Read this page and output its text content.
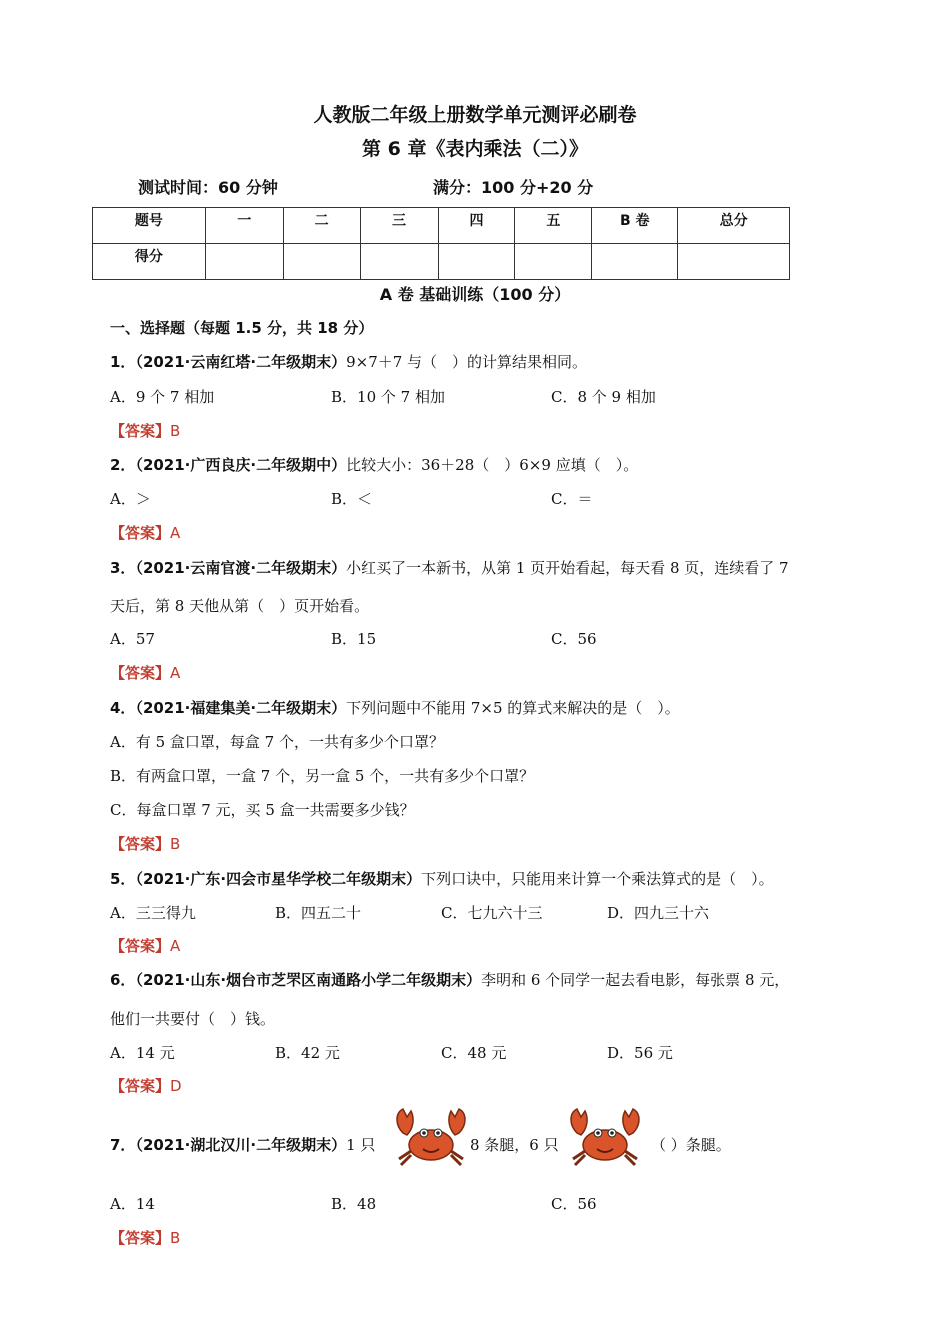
人教版二年级上册数学单元测评必刷卷
第 6 章《表内乘法（二）》
测试时间：60 分钟	满分：100 分+20 分
题号	一	二	三	四	五	B 卷	总分
得分							
A 卷 基础训练（100 分）
一、选择题（每题 1.5 分，共 18 分）
1．（2021·云南红塔·二年级期末）9×7＋7 与（　）的计算结果相同。
A．9 个 7 相加	B．10 个 7 相加	C．8 个 9 相加
【答案】B
2．（2021·广西良庆·二年级期中）比较大小：36＋28（　）6×9 应填（　）。
A．＞	B．＜	C．＝
【答案】A
3．（2021·云南官渡·二年级期末）小红买了一本新书，从第 1 页开始看起，每天看 8 页，连续看了 7
天后，第 8 天他从第（　）页开始看。
A．57	B．15	C．56
【答案】A
4．（2021·福建集美·二年级期末）下列问题中不能用 7×5 的算式来解决的是（　）。
A．有 5 盒口罩，每盒 7 个，一共有多少个口罩？
B．有两盒口罩，一盒 7 个，另一盒 5 个，一共有多少个口罩？
C．每盒口罩 7 元，买 5 盒一共需要多少钱？
【答案】B
5．（2021·广东·四会市星华学校二年级期末）下列口诀中，只能用来计算一个乘法算式的是（　）。
A．三三得九	B．四五二十	C．七九六十三	D．四九三十六
【答案】A
6．（2021·山东·烟台市芝罘区南通路小学二年级期末）李明和 6 个同学一起去看电影，每张票 8 元，
他们一共要付（　）钱。
A．14 元	B．42 元	C．48 元	D．56 元
【答案】D
7．（2021·湖北汉川·二年级期末）1 只	8 条腿，6 只	（ ）条腿。
A．14	B．48	C．56
【答案】B
